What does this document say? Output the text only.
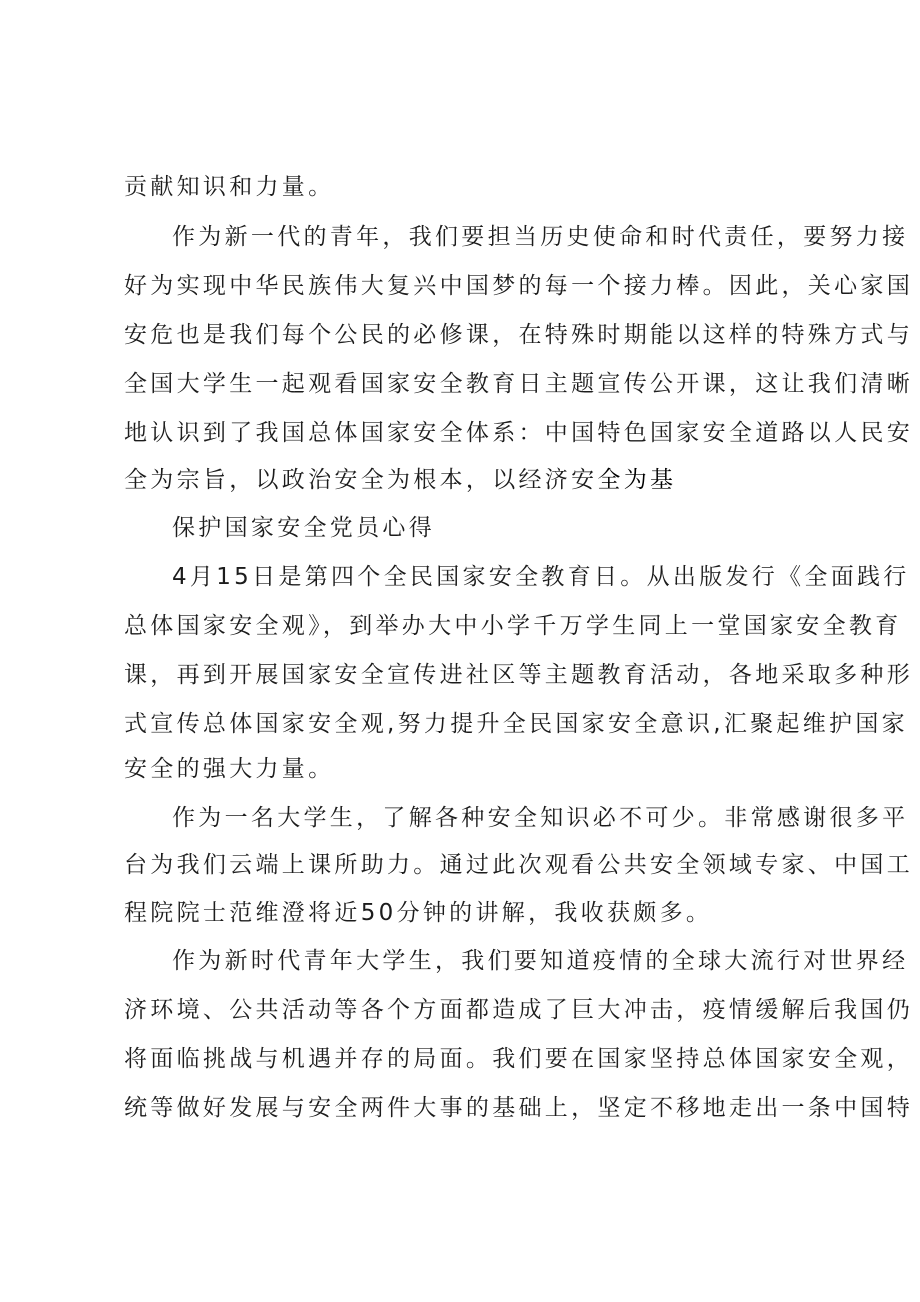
贡献知识和力量。
作为新一代的青年，我们要担当历史使命和时代责任，要努力接
好为实现中华民族伟大复兴中国梦的每一个接力棒。因此，关心家国
安危也是我们每个公民的必修课，在特殊时期能以这样的特殊方式与
全国大学生一起观看国家安全教育日主题宣传公开课，这让我们清晰
地认识到了我国总体国家安全体系：中国特色国家安全道路以人民安
全为宗旨，以政治安全为根本，以经济安全为基
保护国家安全党员心得
4月15日是第四个全民国家安全教育日。从出版发行《全面践行
总体国家安全观》，到举办大中小学千万学生同上一堂国家安全教育
课，再到开展国家安全宣传进社区等主题教育活动，各地采取多种形
式宣传总体国家安全观,努力提升全民国家安全意识,汇聚起维护国家
安全的强大力量。
作为一名大学生，了解各种安全知识必不可少。非常感谢很多平
台为我们云端上课所助力。通过此次观看公共安全领域专家、中国工
程院院士范维澄将近50分钟的讲解，我收获颇多。
作为新时代青年大学生，我们要知道疫情的全球大流行对世界经
济环境、公共活动等各个方面都造成了巨大冲击，疫情缓解后我国仍
将面临挑战与机遇并存的局面。我们要在国家坚持总体国家安全观，
统等做好发展与安全两件大事的基础上，坚定不移地走出一条中国特
